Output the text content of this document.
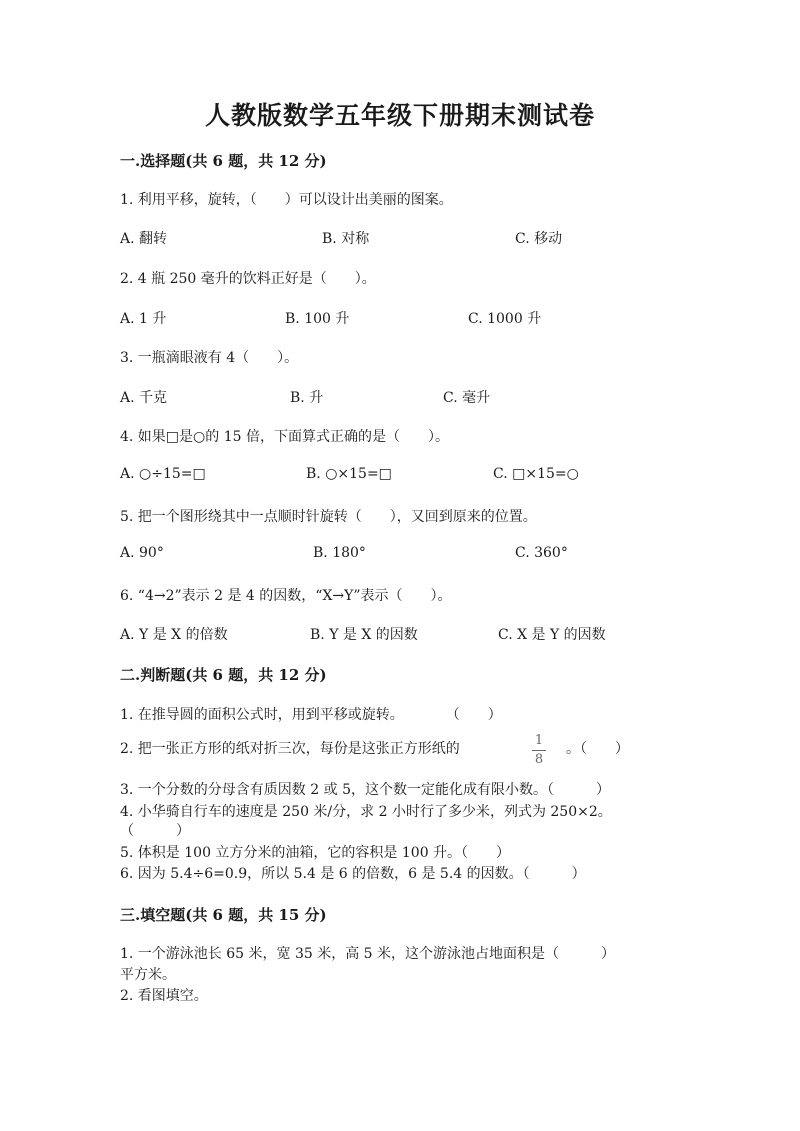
人教版数学五年级下册期末测试卷
一.选择题(共 6 题，共 12 分)
1. 利用平移，旋转，（　　）可以设计出美丽的图案。
A. 翻转	B. 对称	C. 移动
2. 4 瓶 250 毫升的饮料正好是（　　）。
A. 1 升	B. 100 升	C. 1000 升
3. 一瓶滴眼液有 4（　　）。
A. 千克	B. 升	C. 毫升
4. 如果□是○的 15 倍，下面算式正确的是（　　）。
A. ○÷15=□	B. ○×15=□	C. □×15=○
5. 把一个图形绕其中一点顺时针旋转（　　），又回到原来的位置。
A. 90°	B. 180°	C. 360°
6. “4→2”表示 2 是 4 的因数，“X→Y”表示（　　）。
A. Y 是 X 的倍数	B. Y 是 X 的因数	C. X 是 Y 的因数
二.判断题(共 6 题，共 12 分)
1. 在推导圆的面积公式时，用到平移或旋转。　　　　（　　）
2. 把一张正方形的纸对折三次，每份是这张正方形纸的
1
8
。（　　）
3. 一个分数的分母含有质因数 2 或 5，这个数一定能化成有限小数。（　　　）
4. 小华骑自行车的速度是 250 米/分，求 2 小时行了多少米，列式为 250×2。
（　　　）
5. 体积是 100 立方分米的油箱，它的容积是 100 升。（　　）
6. 因为 5.4÷6=0.9，所以 5.4 是 6 的倍数，6 是 5.4 的因数。（　　　）
三.填空题(共 6 题，共 15 分)
1. 一个游泳池长 65 米，宽 35 米，高 5 米，这个游泳池占地面积是（　　　）
平方米。
2. 看图填空。
